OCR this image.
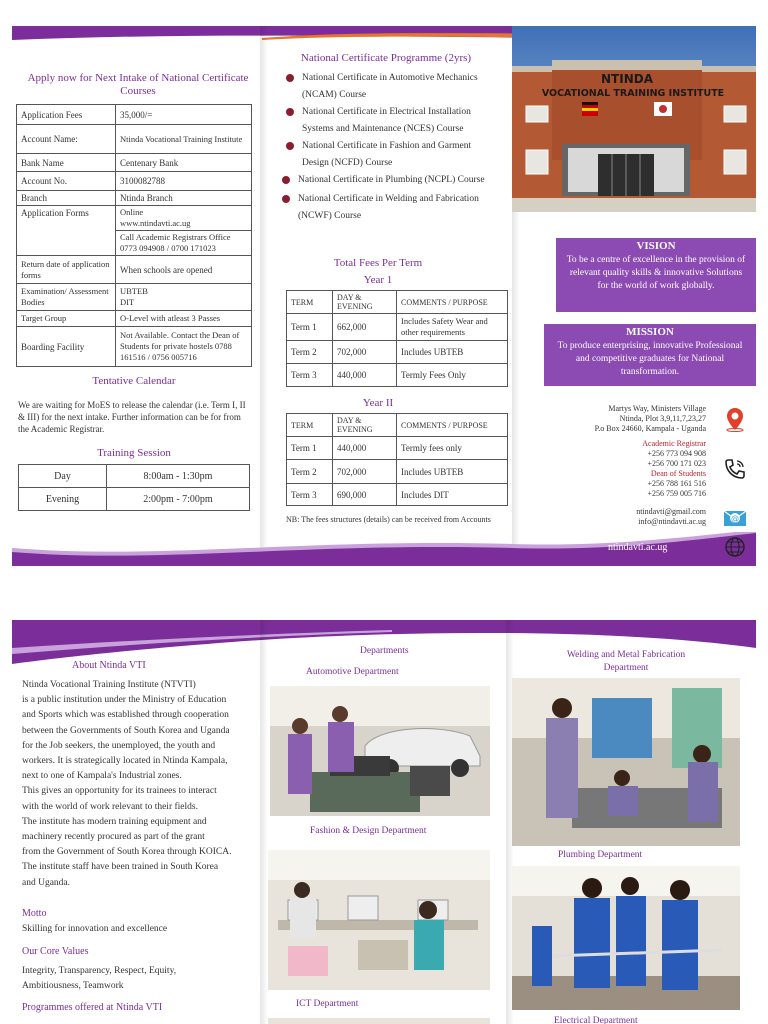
Apply now for Next Intake of National Certificate Courses
Application Fees	35,000/=
Account Name:	Ntinda Vocational Training Institute
Bank Name	Centenary Bank
Account No.	3100082788
Branch	Ntinda Branch
Application Forms	Online
www.ntindavti.ac.ug
Call Academic Registrars Office
0773 094908 / 0700 171023

Return date of application forms	When schools are opened
Examination/ Assessment Bodies	UBTEB
DIT
Target Group	O-Level with atleast 3 Passes
Boarding Facility	Not Available. Contact the Dean of Students for private hostels 0788 161516 / 0756 005716
Tentative Calendar
We are waiting for MoES to release the calendar (i.e. Term I, II & III) for the next intake. Further information can be for from the Academic Registrar.
Training Session
Day	8:00am - 1:30pm
Evening	2:00pm - 7:00pm
National Certificate Programme (2yrs)
National Certificate in Automotive Mechanics (NCAM) Course
National Certificate in Electrical Installation Systems and Maintenance (NCES) Course
National Certificate in Fashion and Garment Design (NCFD) Course
National Certificate in Plumbing (NCPL) Course
National Certificate in Welding and Fabrication (NCWF) Course
Total Fees Per Term
Year 1
TERM	DAY & EVENING	COMMENTS / PURPOSE
Term 1	662,000	Includes Safety Wear and other requirements
Term 2	702,000	Includes UBTEB
Term 3	440,000	Termly Fees Only
Year II
TERM	DAY & EVENING	COMMENTS / PURPOSE
Term 1	440,000	Termly fees only
Term 2	702,000	Includes UBTEB
Term 3	690,000	Includes DIT
NB: The fees structures (details) can be received from Accounts
NTINDA
VOCATIONAL TRAINING INSTITUTE
VISION
To be a centre of excellence in the provision of relevant quality skills & innovative Solutions for the world of work globally.
MISSION
To produce enterprising, innovative Professional and competitive graduates for National transformation.
Martys Way, Ministers Village
Ntinda, Plot 3,9,11,7,23,27
P.o Box 24660, Kampala - Uganda
Academic Registrar
+256 773 094 908
+256 700 171 023
Dean of Students
+256 788 161 516
+256 759 005 716
ntindavti@gmail.com
info@ntindavti.ac.ug	@
ntindavti.ac.ug
About Ntinda VTI
Ntinda Vocational Training Institute (NTVTI)
is a public institution under the Ministry of Education
and Sports which was established through cooperation
between the Governments of South Korea and Uganda
for the Job seekers, the unemployed, the youth and
workers. It is strategically located in Ntinda Kampala,
next to one of Kampala's Industrial zones.
This gives an opportunity for its trainees to interact
with the world of work relevant to their fields.
The institute has modern training equipment and
machinery recently procured as part of the grant
from the Government of South Korea through KOICA.
The institute staff have been trained in South Korea
and Uganda.
Motto
Skilling for innovation and excellence
Our Core Values
Integrity, Transparency, Respect, Equity, Ambitiousness, Teamwork
Programmes offered at Ntinda VTI
Departments
Automotive Department
Fashion & Design Department
ICT Department
Welding and Metal Fabrication Department
Plumbing Department
Electrical Department
